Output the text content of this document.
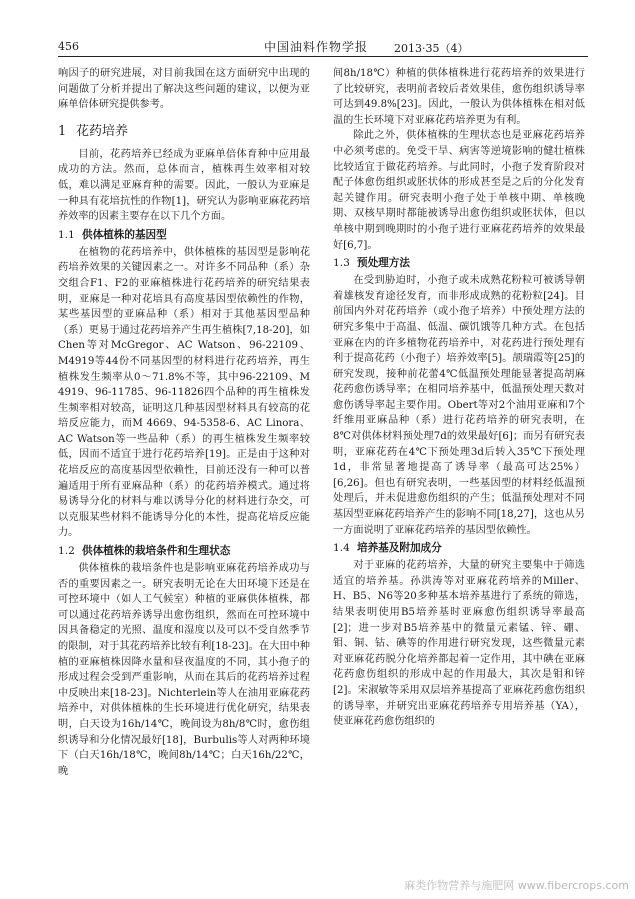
456	中国油料作物学报 2013·35（4）

响因子的研究进展，对目前我国在这方面研究中出现的问题做了分析并提出了解决这些问题的建议，以便为亚麻单倍体研究提供参考。

1 花药培养

目前，花药培养已经成为亚麻单倍体育种中应用最成功的方法。然而，总体而言，植株再生效率相对较低，难以满足亚麻育种的需要。因此，一般认为亚麻是一种具有花培抗性的作物[1]，研究认为影响亚麻花药培养效率的因素主要存在以下几个方面。

1.1 供体植株的基因型

在植物的花药培养中，供体植株的基因型是影响花药培养效果的关键因素之一。对许多不同品种（系）杂交组合F1、F2的亚麻植株进行花药培养的研究结果表明，亚麻是一种对花培具有高度基因型依赖性的作物，某些基因型的亚麻品种（系）相对于其他基因型品种（系）更易于通过花药培养产生再生植株[7,18-20]，如Chen等对McGregor、AC Watson、96-22109、M4919等44份不同基因型的材料进行花药培养，再生植株发生频率从0～71.8%不等，其中96-22109、M 4919、96-11785、96-11826四个品种的再生植株发生频率相对较高，证明这几种基因型材料具有较高的花培反应能力，而M 4669、94-5358-6、AC Linora、AC Watson等一些品种（系）的再生植株发生频率较低，因而不适宜于进行花药培养[19]。正是由于这种对花培反应的高度基因型依赖性，目前还没有一种可以普遍适用于所有亚麻品种（系）的花药培养模式。通过将易诱导分化的材料与难以诱导分化的材料进行杂交，可以克服某些材料不能诱导分化的本性，提高花培反应能力。

1.2 供体植株的栽培条件和生理状态

供体植株的栽培条件也是影响亚麻花药培养成功与否的重要因素之一。研究表明无论在大田环境下还是在可控环境中（如人工气候室）种植的亚麻供体植株，都可以通过花药培养诱导出愈伤组织，然而在可控环境中因具备稳定的光照、温度和湿度以及可以不受自然季节的限制，对于其花药培养比较有利[18-23]。在大田中种植的亚麻植株因降水量和昼夜温度的不同，其小孢子的形成过程会受到严重影响，从而在其后的花药培养过程中反映出来[18-23]。Nichterlein等人在油用亚麻花药培养中，对供体植株的生长环境进行优化研究，结果表明，白天设为16h/14℃，晚间设为8h/8℃时，愈伤组织诱导和分化情况最好[18]，Burbulis等人对两种环境下（白天16h/18℃，晚间8h/14℃；白天16h/22℃，晚

间8h/18℃）种植的供体植株进行花药培养的效果进行了比较研究，表明前者较后者效果佳，愈伤组织诱导率可达到49.8%[23]。因此，一般认为供体植株在相对低温的生长环境下对亚麻花药培养更为有利。

除此之外，供体植株的生理状态也是亚麻花药培养中必须考虑的。免受干旱、病害等逆境影响的健壮植株比较适宜于做花药培养。与此同时，小孢子发育阶段对配子体愈伤组织或胚状体的形成甚至是之后的分化发育起关键作用。研究表明小孢子处于单核中期、单核晚期、双核早期时都能被诱导出愈伤组织或胚状体，但以单核中期到晚期时的小孢子进行亚麻花药培养的效果最好[6,7]。

1.3 预处理方法

在受到胁迫时，小孢子或未成熟花粉粒可被诱导朝着雄核发育途径发育，而非形成成熟的花粉粒[24]。目前国内外对花药培养（或小孢子培养）中预处理方法的研究多集中于高温、低温、碳饥饿等几种方式。在包括亚麻在内的许多植物花药培养中，对花药进行预处理有利于提高花药（小孢子）培养效率[5]。颉瑞霞等[25]的研究发现，接种前花蕾4℃低温预处理能显著提高胡麻花药愈伤诱导率；在相同培养基中，低温预处理天数对愈伤诱导率起主要作用。Obert等对2个油用亚麻和7个纤维用亚麻品种（系）进行花药培养的研究表明，在8℃对供体材料预处理7d的效果最好[6]；而另有研究表明，亚麻花药在4℃下预处理3d后转入35℃下预处理1d，非常显著地提高了诱导率（最高可达25%）[6,26]。但也有研究表明，一些基因型的材料经低温预处理后，并未促进愈伤组织的产生；低温预处理对不同基因型亚麻花药培养产生的影响不同[18,27]，这也从另一方面说明了亚麻花药培养的基因型依赖性。

1.4 培养基及附加成分

对于亚麻的花药培养，大量的研究主要集中于筛选适宜的培养基。孙洪涛等对亚麻花药培养的Miller、H、B5、N6等20多种基本培养基进行了系统的筛选，结果表明使用B5培养基时亚麻愈伤组织诱导率最高[2]；进一步对B5培养基中的微量元素锰、锌、硼、钼、铜、钴、碘等的作用进行研究发现，这些微量元素对亚麻花药脱分化培养都起着一定作用，其中碘在亚麻花药愈伤组织的形成中起的作用最大，其次是钼和锌[2]。宋淑敏等采用双层培养基提高了亚麻花药愈伤组织的诱导率，并研究出亚麻花药培养专用培养基（YA），使亚麻花药愈伤组织的

麻类作物营养与施肥网 www.fibercrops.com
